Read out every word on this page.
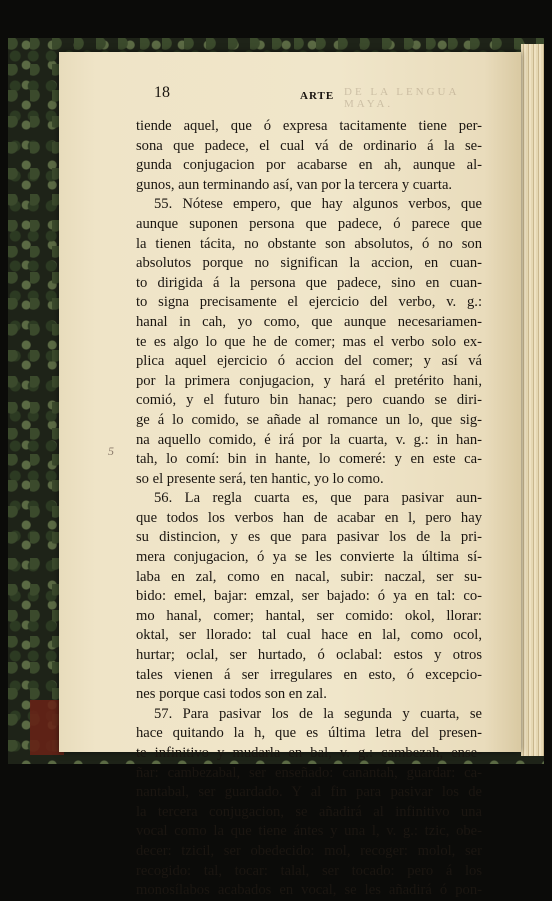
18	DE LA LENGUA MAYA.
ARTE
5
tiende aquel, que ó expresa tacitamente tiene per-
sona que padece, el cual vá de ordinario á la se-
gunda conjugacion por acabarse en ah, aunque al-
gunos, aun terminando así, van por la tercera y cuarta.
55. Nótese empero, que hay algunos verbos, que
aunque suponen persona que padece, ó parece que
la tienen tácita, no obstante son absolutos, ó no son
absolutos porque no significan la accion, en cuan-
to dirigida á la persona que padece, sino en cuan-
to signa precisamente el ejercicio del verbo, v. g.:
hanal in cah, yo como, que aunque necesariamen-
te es algo lo que he de comer; mas el verbo solo ex-
plica aquel ejercicio ó accion del comer; y así vá
por la primera conjugacion, y hará el pretérito hani,
comió, y el futuro bin hanac; pero cuando se diri-
ge á lo comido, se añade al romance un lo, que sig-
na aquello comido, é irá por la cuarta, v. g.: in han-
tah, lo comí: bin in hante, lo comeré: y en este ca-
so el presente será, ten hantic, yo lo como.
56. La regla cuarta es, que para pasivar aun-
que todos los verbos han de acabar en l, pero hay
su distincion, y es que para pasivar los de la pri-
mera conjugacion, ó ya se les convierte la última sí-
laba en zal, como en nacal, subir: naczal, ser su-
bido: emel, bajar: emzal, ser bajado: ó ya en tal: co-
mo hanal, comer; hantal, ser comido: okol, llorar:
oktal, ser llorado: tal cual hace en lal, como ocol,
hurtar; oclal, ser hurtado, ó oclabal: estos y otros
tales vienen á ser irregulares en esto, ó excepcio-
nes porque casi todos son en zal.
57. Para pasivar los de la segunda y cuarta, se
hace quitando la h, que es última letra del presen-
te infinitivo y mudarla en bal, v. g.: cambezah, ense-
ñar: cambezabal, ser enseñado: canantah, guardar: ca-
nantabal, ser guardado. Y al fin para pasivar los de
la tercera conjugacion, se añadirá al infinitivo una
vocal como la que tiene ántes y una l, v. g.: tzic, obe-
decer: tzicil, ser obedecido: mol, recoger: molol, ser
recogido: tal, tocar: talal, ser tocado: pero á los
monosílabos acabados en vocal, se les añadirá ó pon-
